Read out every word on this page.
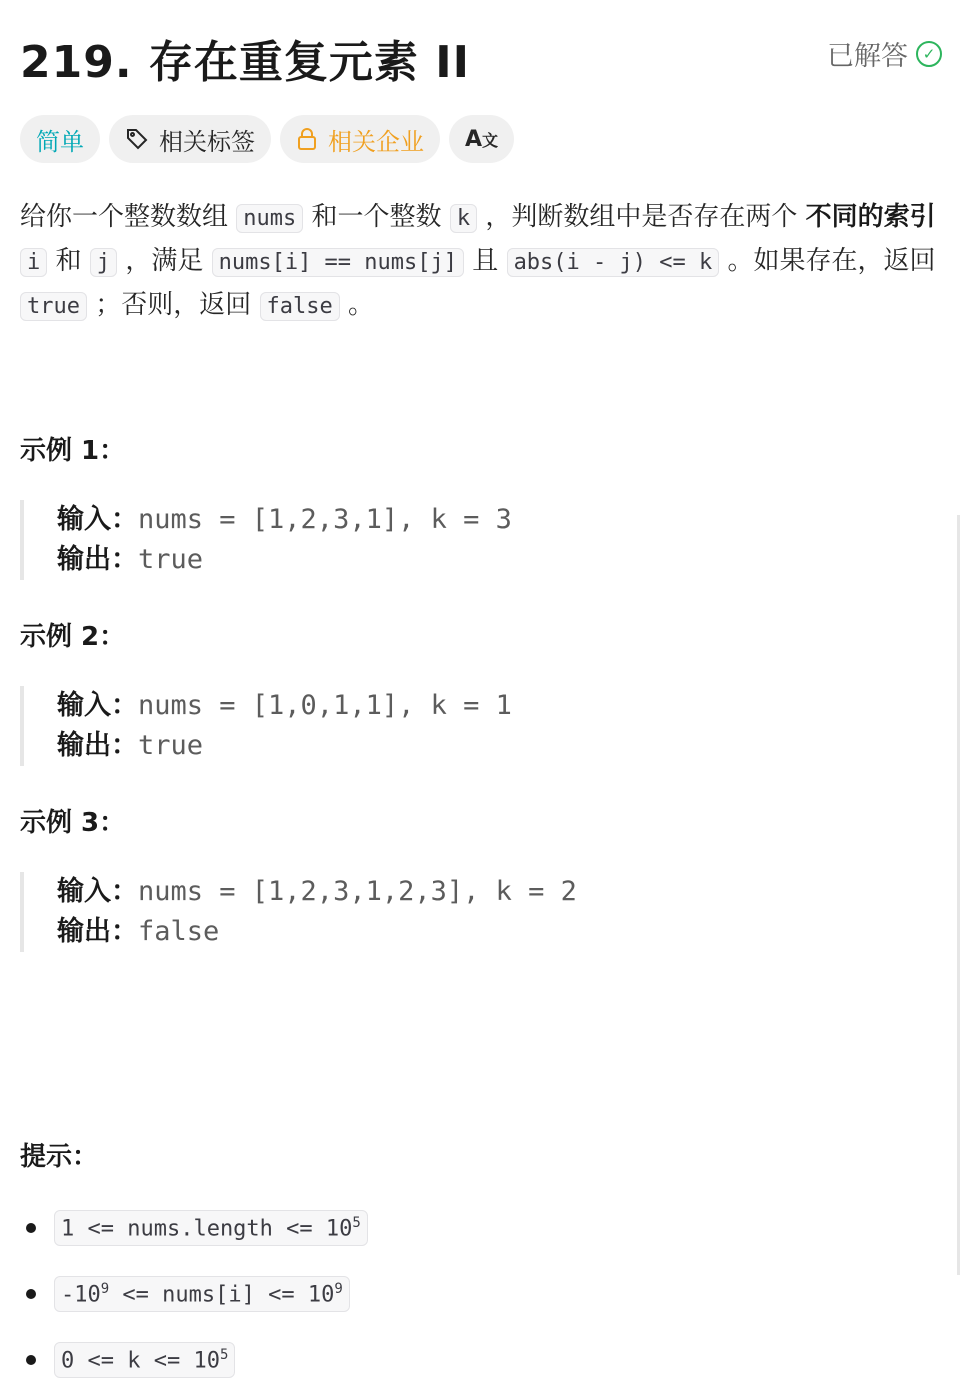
219. 存在重复元素 II	已解答 ✓
简单	相关标签	相关企业 A文
给你一个整数数组 nums 和一个整数 k ，判断数组中是否存在两个 不同的索引 i 和 j ，满足 nums[i] == nums[j] 且 abs(i - j) <= k 。如果存在，返回 true ；否则，返回 false 。
示例 1：
输入：nums = [1,2,3,1], k = 3
输出：true
示例 2：
输入：nums = [1,0,1,1], k = 1
输出：true
示例 3：
输入：nums = [1,2,3,1,2,3], k = 2
输出：false
提示：
1 <= nums.length <= $10^5$
$-10^9$ <= nums[i] <= $10^9$
$0 <= k <= 10^5$
